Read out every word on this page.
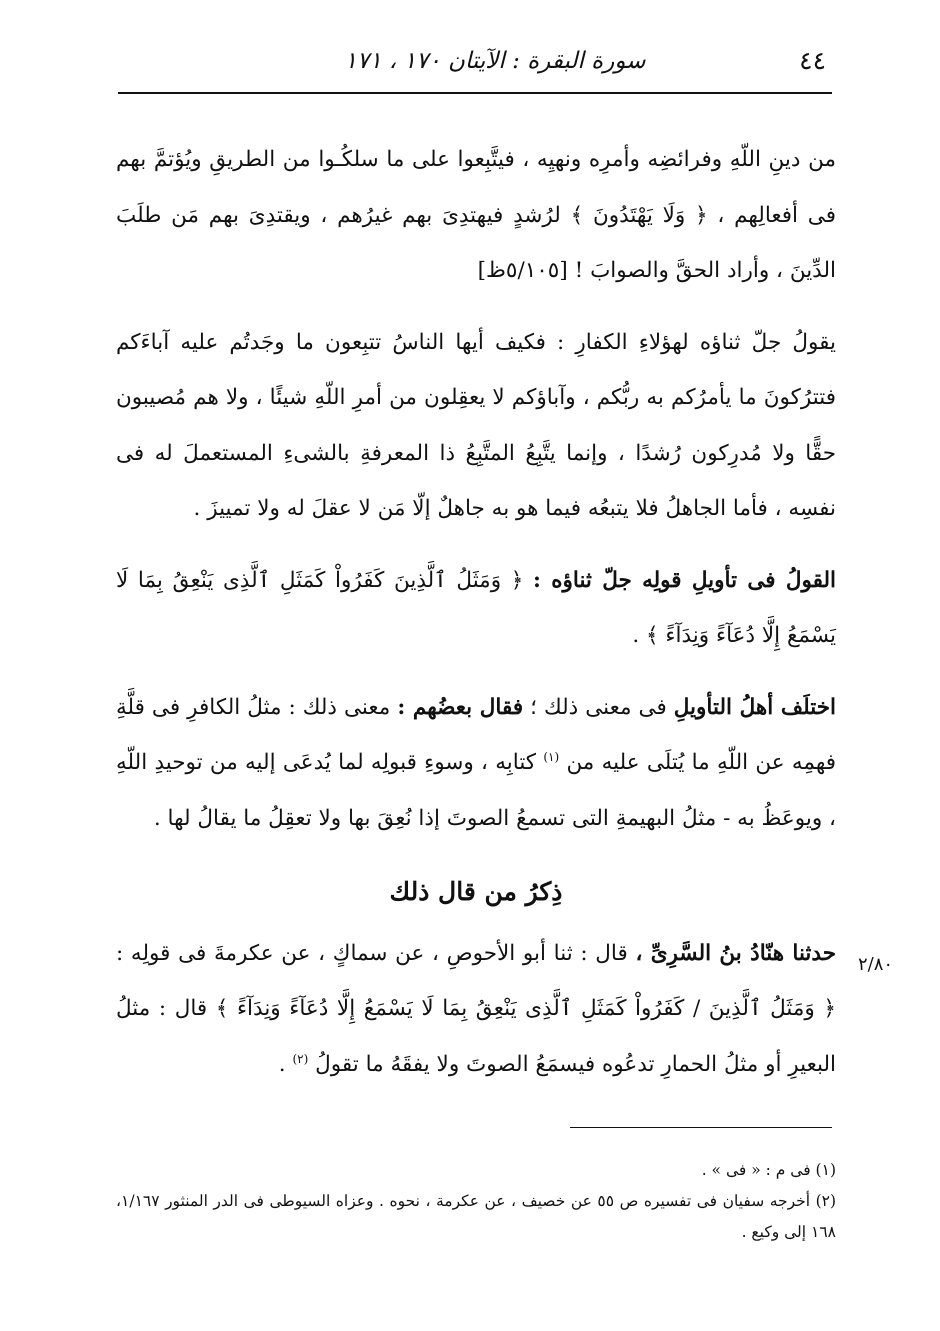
٤٤
سورة البقرة : الآيتان ١٧٠ ، ١٧١

من دينِ اللّهِ وفرائضِه وأمرِه ونهيِه ، فيتَّبِعوا على ما سلكُـوا من الطريقِ ويُؤتمَّ بهم فى أفعالِهم ، ﴿ وَلَا يَهْتَدُونَ ﴾ لرُشدٍ فيهتدِىَ بهم غيرُهم ، ويقتدِىَ بهم مَن طلَبَ الدِّينَ ، وأراد الحقَّ والصوابَ ! [٥/١٠٥ظ]

يقولُ جلّ ثناؤه لهؤلاءِ الكفارِ : فكيف أيها الناسُ تتبِعون ما وجَدتُم عليه آباءَكم فتترُكونَ ما يأمرُكم به ربُّكم ، وآباؤكم لا يعقِلون من أمرِ اللّهِ شيئًا ، ولا هم مُصيبون حقًّا ولا مُدرِكون رُشدًا ، وإنما يتَّبِعُ المتَّبِعُ ذا المعرفةِ بالشىءِ المستعملَ له فى نفسِه ، فأما الجاهلُ فلا يتبعُه فيما هو به جاهلٌ إلّا مَن لا عقلَ له ولا تمييزَ .

القولُ فى تأويلِ قولِه جلّ ثناؤه : ﴿ وَمَثَلُ ٱلَّذِينَ كَفَرُواْ كَمَثَلِ ٱلَّذِى يَنْعِقُ بِمَا لَا يَسْمَعُ إِلَّا دُعَآءً وَنِدَآءً ﴾ .

اختلَف أهلُ التأويلِ فى معنى ذلك ؛ فقال بعضُهم : معنى ذلك : مثلُ الكافرِ فى قلَّةِ فهمِه عن اللّهِ ما يُتلَى عليه من $^{(١)}$ كتابِه ، وسوءِ قبولِه لما يُدعَى إليه من توحيدِ اللّهِ ، ويوعَظُ به - مثلُ البهيمةِ التى تسمعُ الصوتَ إذا نُعِقَ بها ولا تعقِلُ ما يقالُ لها .

ذِكرُ من قال ذلك

حدثنا هنّادُ بنُ السَّرِىِّ ، قال : ثنا أبو الأحوصِ ، عن سماكٍ ، عن عكرمةَ فى قولِه : ﴿ وَمَثَلُ ٱلَّذِينَ / كَفَرُواْ كَمَثَلِ ٱلَّذِى يَنْعِقُ بِمَا لَا يَسْمَعُ إِلَّا دُعَآءً وَنِدَآءً ﴾ قال : مثلُ البعيرِ أو مثلُ الحمارِ تدعُوه فيسمَعُ الصوتَ ولا يفقَهُ ما تقولُ $^{(٢)}$ .

٢/٨٠

(١) فى م : « فى » .

(٢) أخرجه سفيان فى تفسيره ص ٥٥ عن خصيف ، عن عكرمة ، نحوه . وعزاه السيوطى فى الدر المنثور ١/١٦٧، ١٦٨ إلى وكيع .
